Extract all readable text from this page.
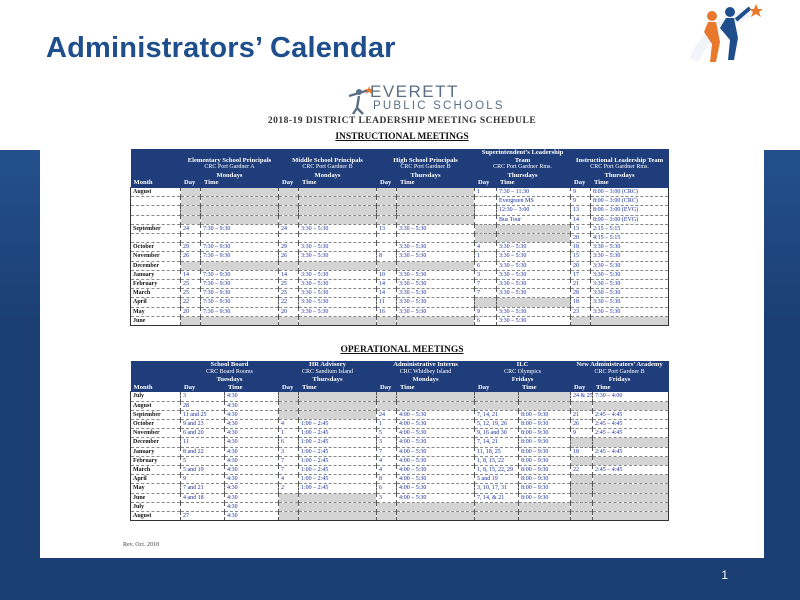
Administrators’ Calendar
EVERETT
PUBLIC SCHOOLS
2018-19 DISTRICT LEADERSHIP MEETING SCHEDULE
INSTRUCTIONAL MEETINGS
	Elementary School Principals		Middle School Principals		High School Principals		Superintendent’s Leadership Team		Instructional Leadership Team	
	CRC Port Gardner A		CRC Port Gardner B		CRC Port Gardner B		CRC Port Gardner Rms.		CRC Port Gardner Rms.	
	Mondays		Mondays		Thursdays		Thursdays		Thursdays	
Month	Day	Time	Day	Time	Day	Time	Day	Time	Day	Time
August							1	7:30 – 11:30	9	8:00 – 3:00 (CRC)
								Evergreen MS	9	8:00 – 3:00 (CRC)
								12:30 – 3:00	13	8:00 – 3:00 (EVG)
								Bus Tour	14	8:00 – 3:00 (EVG)
September	24	7:30 – 9:30	24	3:30 – 5:30	13	3:30 – 5:30			13	2:15 – 5:15
									20	4:15 – 5:15
October	29	7:30 – 9:30	29	3:30 – 5:30		3:30 – 5:30	4	3:30 – 5:30	18	3:30 – 5:30
November	26	7:30 – 9:30	26	3:30 – 5:30	8	3:30 – 5:30	1	3:30 – 5:30	15	3:30 – 5:30
December							6	3:30 – 5:30	20	3:30 – 5:30
January	14	7:30 – 9:30	14	3:30 – 5:30	10	3:30 – 5:30	3	3:30 – 5:30	17	3:30 – 5:30
February	25	7:30 – 9:30	25	3:30 – 5:30	14	3:30 – 5:30	7	3:30 – 5:30	21	3:30 – 5:30
March	25	7:30 – 9:30	25	3:30 – 5:30	14	3:30 – 5:30	7	3:30 – 5:30	28	3:30 – 5:30
April	22	7:30 – 9:30	22	3:30 – 5:30	11	3:30 – 5:30			18	3:30 – 5:30
May	20	7:30 – 9:30	20	3:30 – 5:30	16	3:30 – 5:30	9	3:30 – 5:30	23	3:30 – 5:30
June							6	3:30 – 5:30		
OPERATIONAL MEETINGS
	School Board		HR Advisory		Administrative Interns		ILC		New Administrators’ Academy	
	CRC Board Rooms		CRC Sandium Island		CRC Whidbey Island		CRC Olympics		CRC Port Gardner B	
	Tuesdays		Thursdays		Mondays		Fridays		Fridays	
Month	Day	Time	Day	Time	Day	Time	Day	Time	Day	Time
July	3	4:30							24 & 25	7:30 – 4:00
August	28	4:30								
September	11 and 25	4:30			24	4:00 – 5:30	7, 14, 21	8:00 – 9:30	21	2:45 – 4:45
October	9 and 23	4:30	4	1:00 – 2:45	1	4:00 – 5:30	5, 12, 19, 26	8:00 – 9:30	26	2:45 – 4:45
November	6 and 20	4:30	1	1:00 – 2:45	5	4:00 – 5:30	9, 16 and 30	8:00 – 9:30	9	2:45 – 4:45
December	11	4:30	6	1:00 – 2:45	3	4:00 – 5:30	7, 14, 21	8:00 – 9:30		
January	8 and 22	4:30	3	1:00 – 2:45	7	4:00 – 5:30	11, 18, 25	8:00 – 9:30	18	2:45 – 4:45
February	5	4:30	7	1:00 – 2:45	4	4:00 – 5:30	1, 8, 15, 22	8:00 – 9:30		
March	5 and 19	4:30	7	1:00 – 2:45	4	4:00 – 5:30	1, 8, 15, 22, 29	8:00 – 9:30	22	2:45 – 4:45
April	9	4:30	4	1:00 – 2:45	8	4:00 – 5:30	5 and 19	8:00 – 9:30		
May	7 and 21	4:30	2	1:00 – 2:45	6	4:00 – 5:30	3, 10, 17, 31	8:00 – 9:30		
June	4 and 18	4:30			3	4:00 – 5:30	7, 14, & 21	8:00 – 9:30		
July		4:30								
August	27	4:30								
Rev. Oct. 2018
1
